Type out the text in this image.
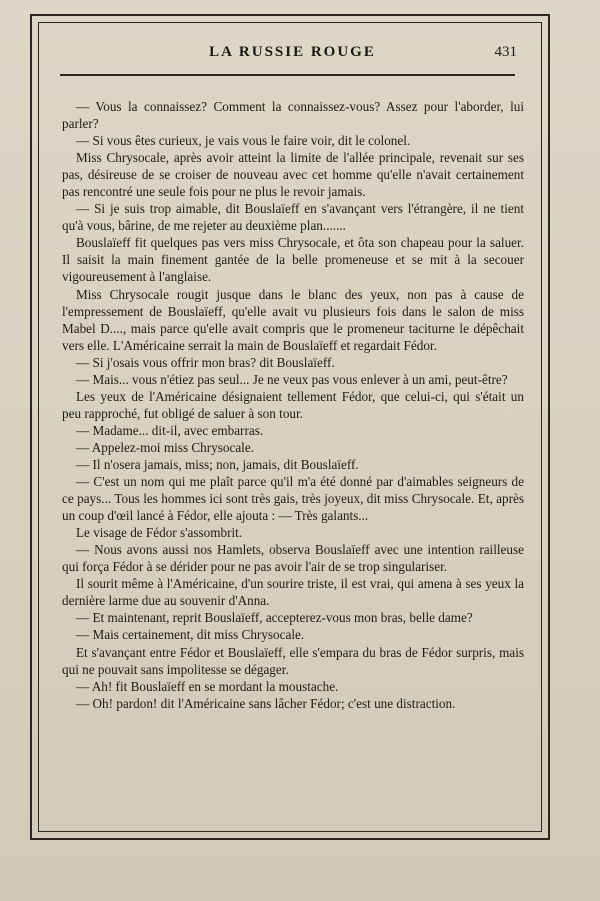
LA RUSSIE ROUGE	431

— Vous la connaissez? Comment la connaissez-vous? Assez pour l'aborder, lui parler?

— Si vous êtes curieux, je vais vous le faire voir, dit le colonel.

Miss Chrysocale, après avoir atteint la limite de l'allée principale, revenait sur ses pas, désireuse de se croiser de nouveau avec cet homme qu'elle n'avait certainement pas rencontré une seule fois pour ne plus le revoir jamais.

— Si je suis trop aimable, dit Bouslaïeff en s'avançant vers l'étrangère, il ne tient qu'à vous, bârine, de me rejeter au deuxième plan.......

Bouslaïeff fit quelques pas vers miss Chrysocale, et ôta son chapeau pour la saluer. Il saisit la main finement gantée de la belle promeneuse et se mit à la secouer vigoureusement à l'anglaise.

Miss Chrysocale rougit jusque dans le blanc des yeux, non pas à cause de l'empressement de Bouslaïeff, qu'elle avait vu plusieurs fois dans le salon de miss Mabel D...., mais parce qu'elle avait compris que le promeneur taciturne le dépêchait vers elle. L'Américaine serrait la main de Bouslaïeff et regardait Fédor.

— Si j'osais vous offrir mon bras? dit Bouslaïeff.

— Mais... vous n'étiez pas seul... Je ne veux pas vous enlever à un ami, peut-être?

Les yeux de l'Américaine désignaient tellement Fédor, que celui-ci, qui s'était un peu rapproché, fut obligé de saluer à son tour.

— Madame... dit-il, avec embarras.

— Appelez-moi miss Chrysocale.

— Il n'osera jamais, miss; non, jamais, dit Bouslaïeff.

— C'est un nom qui me plaît parce qu'il m'a été donné par d'aimables seigneurs de ce pays... Tous les hommes ici sont très gais, très joyeux, dit miss Chrysocale. Et, après un coup d'œil lancé à Fédor, elle ajouta : — Très galants...

Le visage de Fédor s'assombrit.

— Nous avons aussi nos Hamlets, observa Bouslaïeff avec une intention railleuse qui força Fédor à se dérider pour ne pas avoir l'air de se trop singulariser.

Il sourit même à l'Américaine, d'un sourire triste, il est vrai, qui amena à ses yeux la dernière larme due au souvenir d'Anna.

— Et maintenant, reprit Bouslaïeff, accepterez-vous mon bras, belle dame?

— Mais certainement, dit miss Chrysocale.

Et s'avançant entre Fédor et Bouslaïeff, elle s'empara du bras de Fédor surpris, mais qui ne pouvait sans impolitesse se dégager.

— Ah! fit Bouslaïeff en se mordant la moustache.

— Oh! pardon! dit l'Américaine sans lâcher Fédor; c'est une distraction.
